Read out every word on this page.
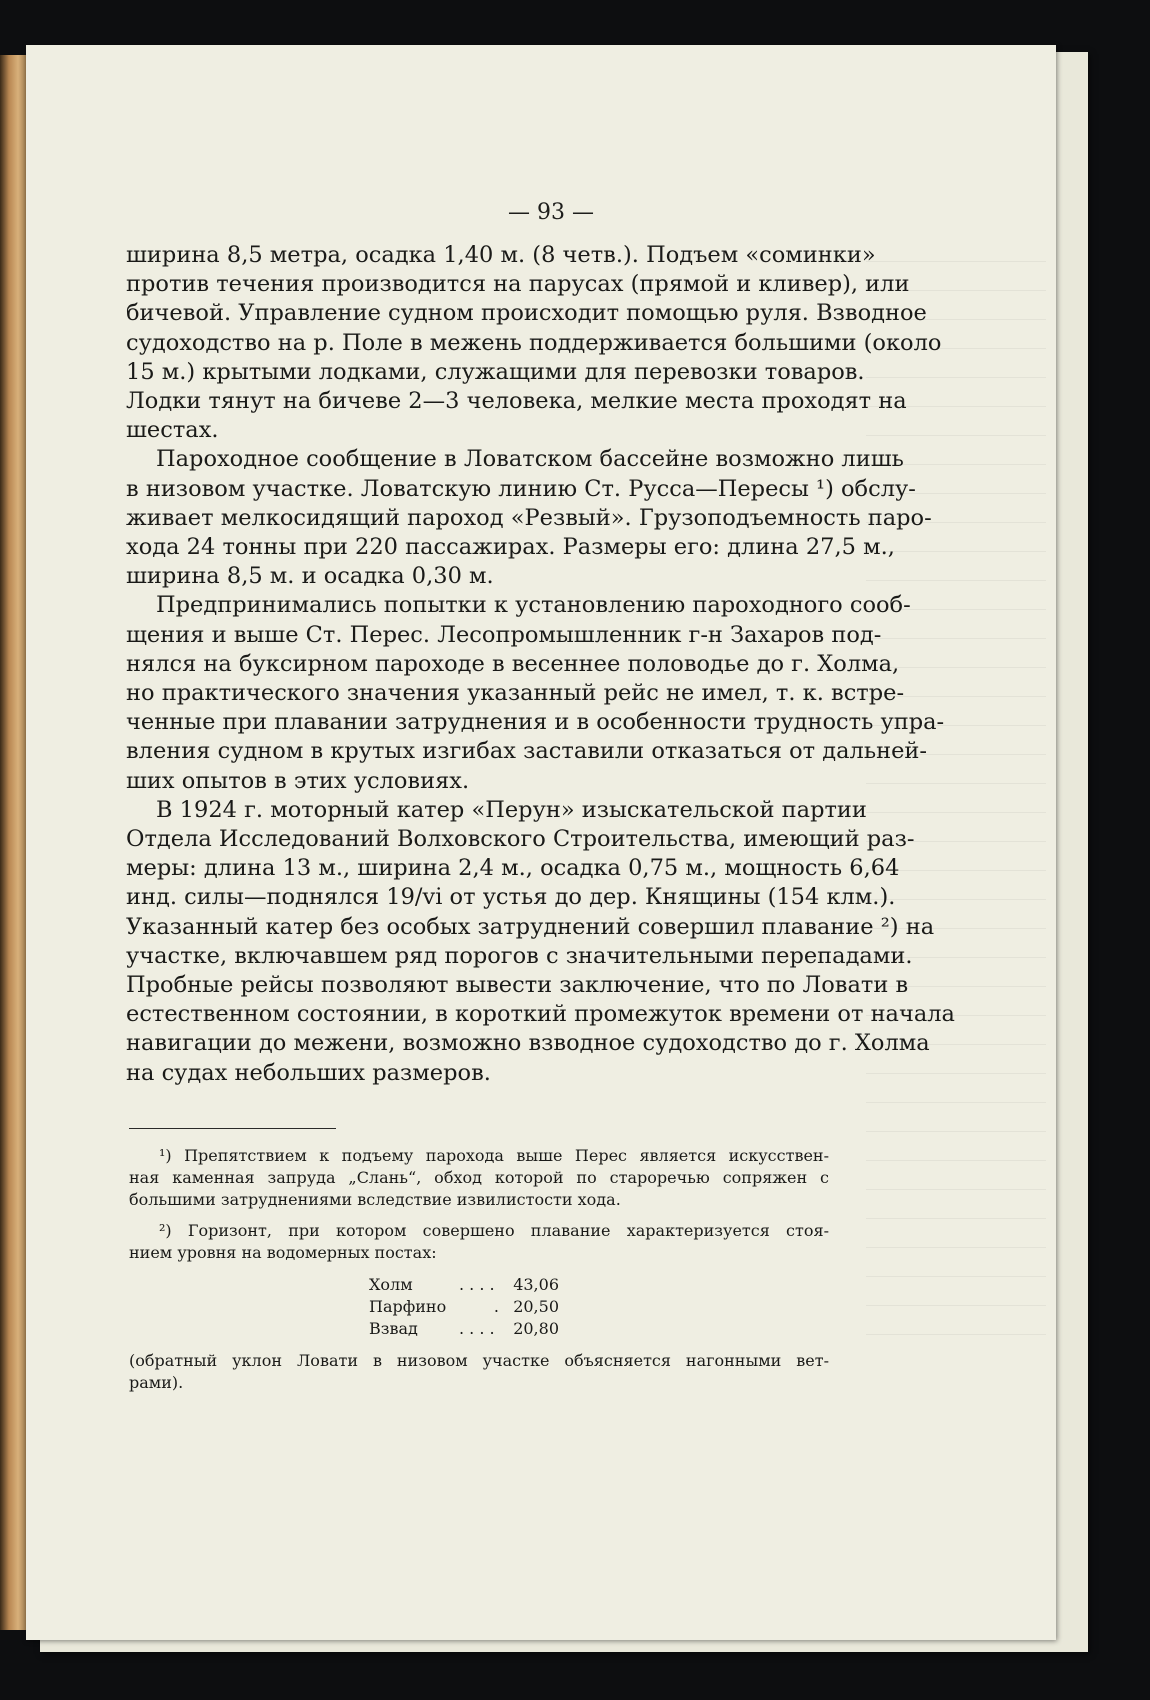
— 93 —

ширина 8,5 метра, осадка 1,40 м. (8 четв.). Подъем «соминки»
против течения производится на парусах (прямой и кливер), или
бичевой. Управление судном происходит помощью руля. Взводное
судоходство на р. Поле в межень поддерживается большими (около
15 м.) крытыми лодками, служащими для перевозки товаров.
Лодки тянут на бичеве 2—3 человека, мелкие места проходят на
шестах.

Пароходное сообщение в Ловатском бассейне возможно лишь
в низовом участке. Ловатскую линию Ст. Русса—Пересы ¹) обслу-
живает мелкосидящий пароход «Резвый». Грузоподъемность паро-
хода 24 тонны при 220 пассажирах. Размеры его: длина 27,5 м.,
ширина 8,5 м. и осадка 0,30 м.

Предпринимались попытки к установлению пароходного сооб-
щения и выше Ст. Перес. Лесопромышленник г-н Захаров под-
нялся на буксирном пароходе в весеннее половодье до г. Холма,
но практического значения указанный рейс не имел, т. к. встре-
ченные при плавании затруднения и в особенности трудность упра-
вления судном в крутых изгибах заставили отказаться от дальней-
ших опытов в этих условиях.

В 1924 г. моторный катер «Перун» изыскательской партии
Отдела Исследований Волховского Строительства, имеющий раз-
меры: длина 13 м., ширина 2,4 м., осадка 0,75 м., мощность 6,64
инд. силы—поднялся 19/vi от устья до дер. Княщины (154 клм.).
Указанный катер без особых затруднений совершил плавание ²) на
участке, включавшем ряд порогов с значительными перепадами.
Пробные рейсы позволяют вывести заключение, что по Ловати в
естественном состоянии, в короткий промежуток времени от начала
навигации до межени, возможно взводное судоходство до г. Холма
на судах небольших размеров.

¹) Препятствием к подъему парохода выше Перес является искусствен-
ная каменная запруда „Слань“, обход которой по староречью сопряжен с
большими затруднениями вследствие извилистости хода.
²) Горизонт, при котором совершено плавание характеризуется стоя-
нием уровня на водомерных постах:
Холм	. . . .	43,06
Парфино	. 20,50
Взвад	. . . .	20,80
(обратный уклон Ловати в низовом участке объясняется нагонными вет-
рами).
